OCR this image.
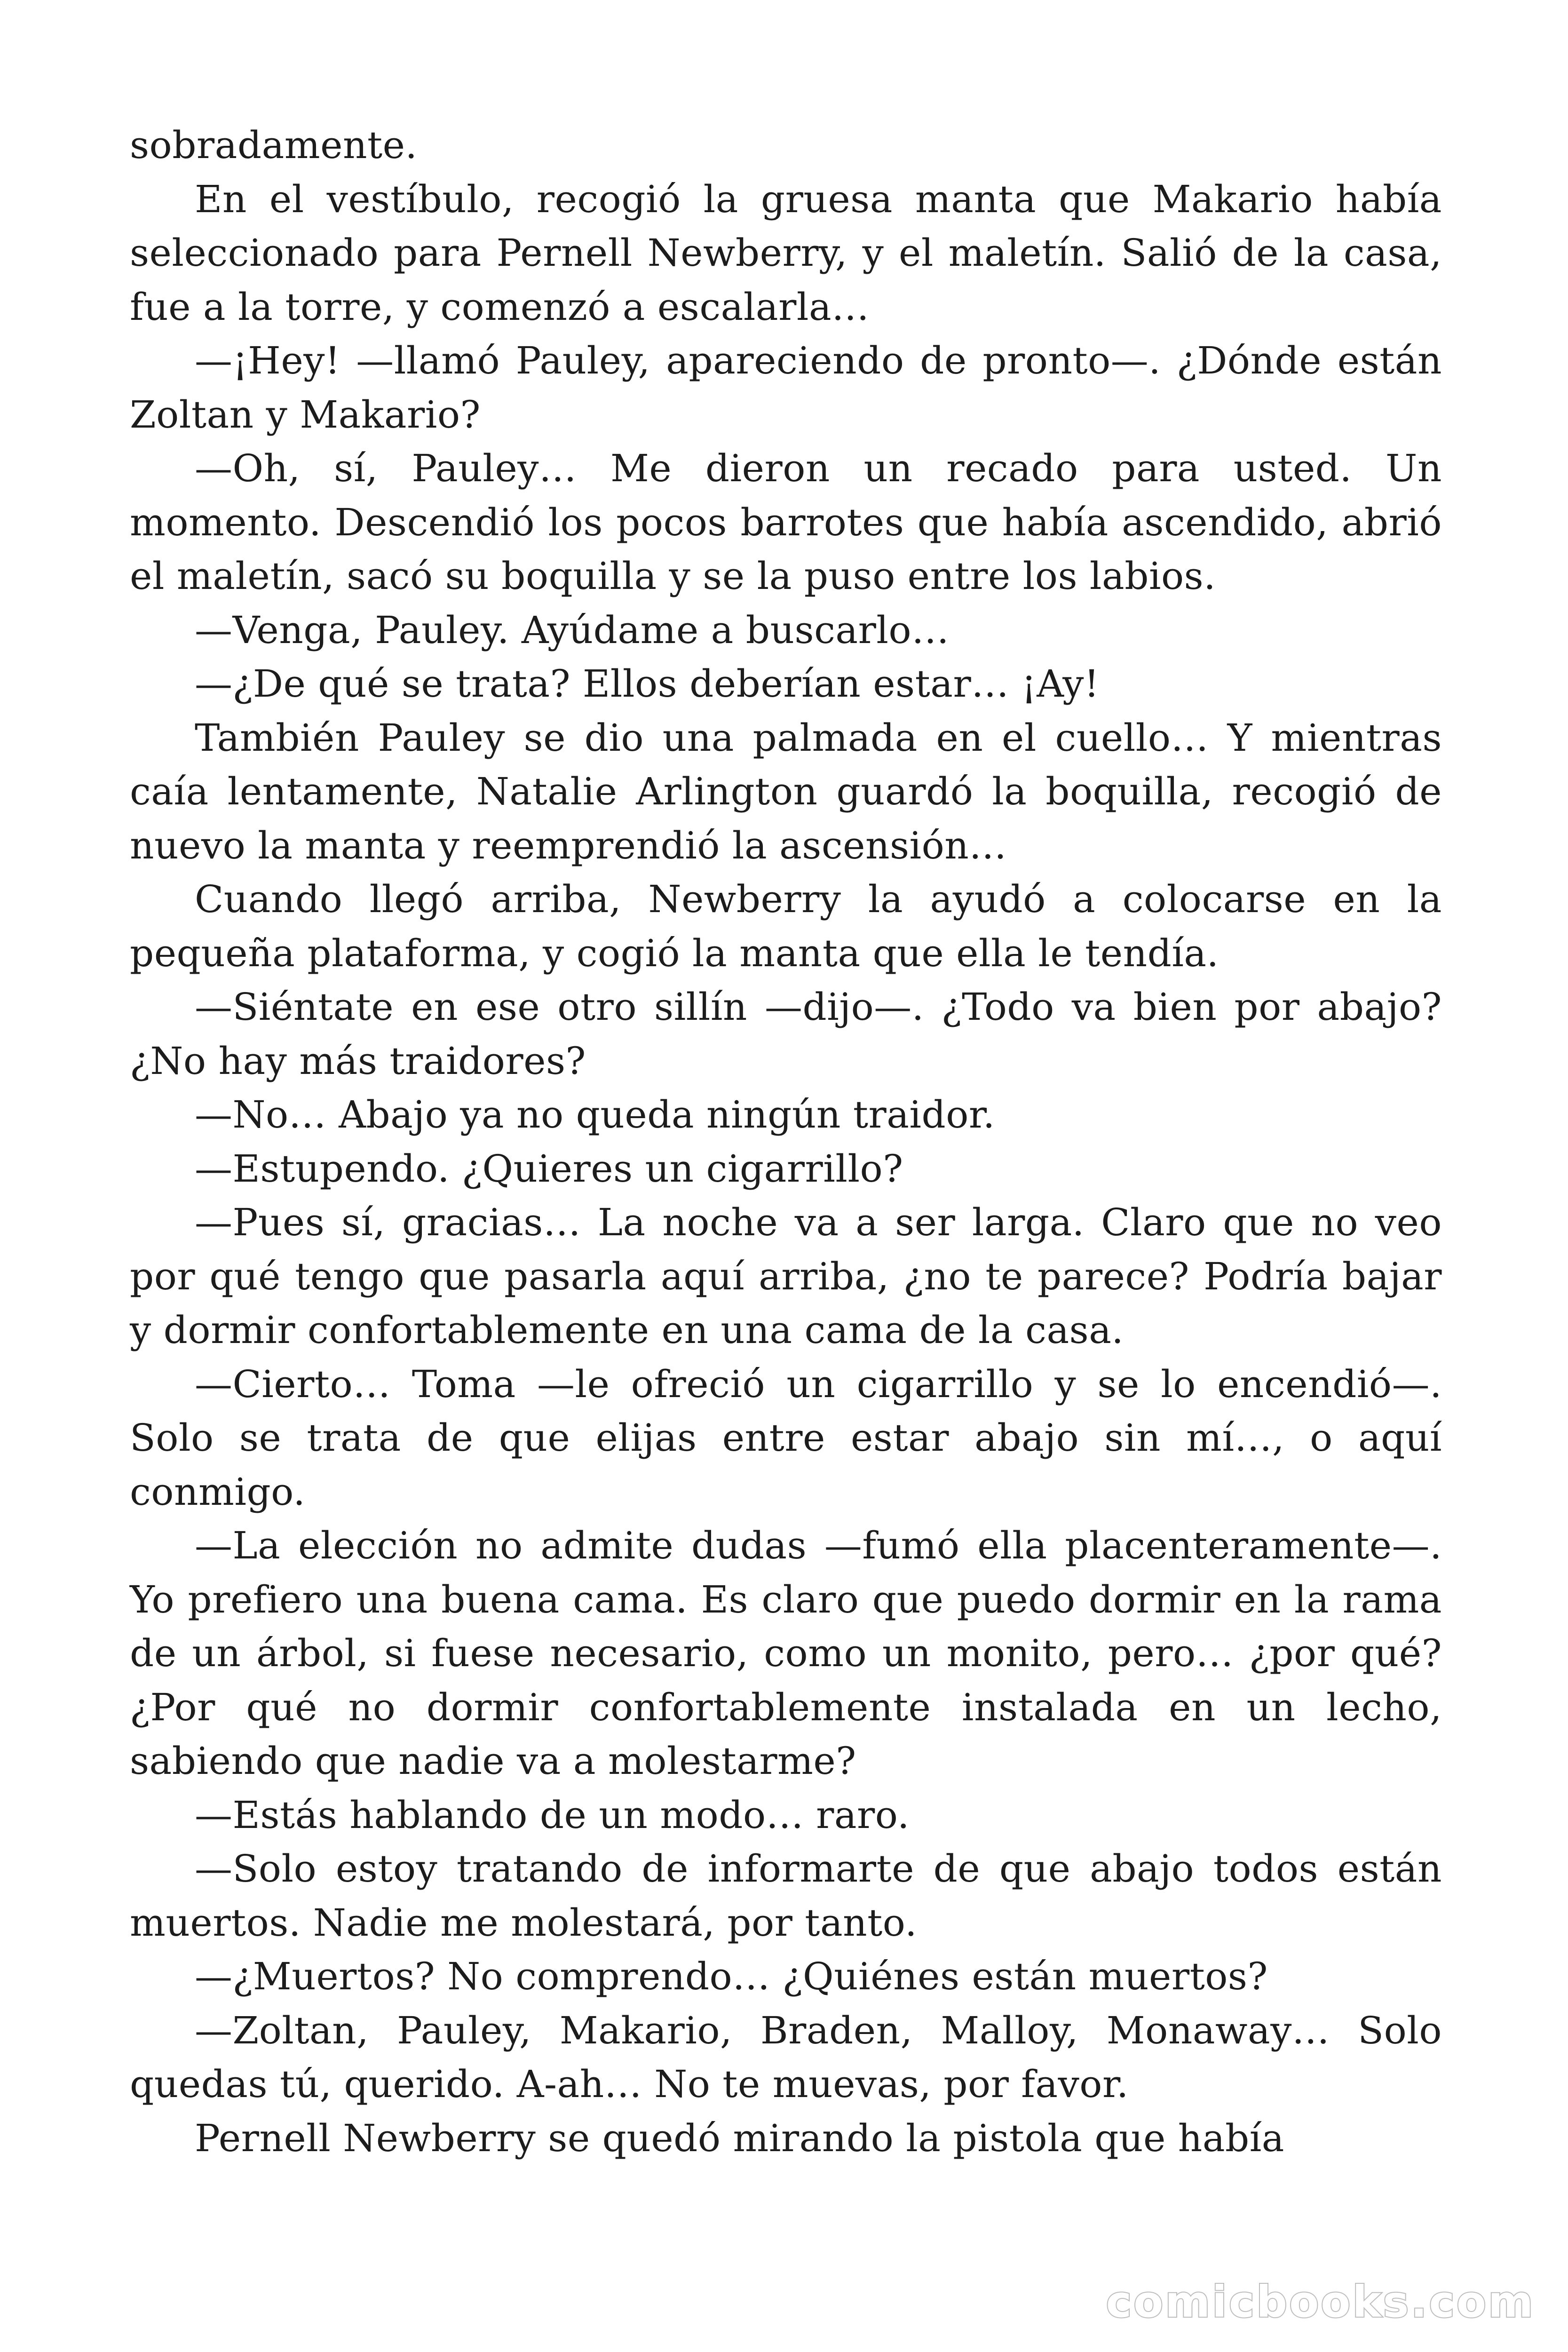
sobradamente.

En el vestíbulo, recogió la gruesa manta que Makario había seleccionado para Pernell Newberry, y el maletín. Salió de la casa, fue a la torre, y comenzó a escalarla…

—¡Hey! —llamó Pauley, apareciendo de pronto—. ¿Dónde están Zoltan y Makario?

—Oh, sí, Pauley… Me dieron un recado para usted. Un momento. Descendió los pocos barrotes que había ascendido, abrió el maletín, sacó su boquilla y se la puso entre los labios.

—Venga, Pauley. Ayúdame a buscarlo…

—¿De qué se trata? Ellos deberían estar… ¡Ay!

También Pauley se dio una palmada en el cuello… Y mientras caía lentamente, Natalie Arlington guardó la boquilla, recogió de nuevo la manta y reemprendió la ascensión…

Cuando llegó arriba, Newberry la ayudó a colocarse en la pequeña plataforma, y cogió la manta que ella le tendía.

—Siéntate en ese otro sillín —dijo—. ¿Todo va bien por abajo? ¿No hay más traidores?

—No… Abajo ya no queda ningún traidor.

—Estupendo. ¿Quieres un cigarrillo?

—Pues sí, gracias… La noche va a ser larga. Claro que no veo por qué tengo que pasarla aquí arriba, ¿no te parece? Podría bajar y dormir confortablemente en una cama de la casa.

—Cierto… Toma —le ofreció un cigarrillo y se lo encendió—. Solo se trata de que elijas entre estar abajo sin mí…, o aquí conmigo.

—La elección no admite dudas —fumó ella placenteramente—. Yo prefiero una buena cama. Es claro que puedo dormir en la rama de un árbol, si fuese necesario, como un monito, pero… ¿por qué? ¿Por qué no dormir confortablemente instalada en un lecho, sabiendo que nadie va a molestarme?

—Estás hablando de un modo… raro.

—Solo estoy tratando de informarte de que abajo todos están muertos. Nadie me molestará, por tanto.

—¿Muertos? No comprendo… ¿Quiénes están muertos?

—Zoltan, Pauley, Makario, Braden, Malloy, Monaway… Solo quedas tú, querido. A-ah… No te muevas, por favor.

Pernell Newberry se quedó mirando la pistola que había

comicbooks.com
